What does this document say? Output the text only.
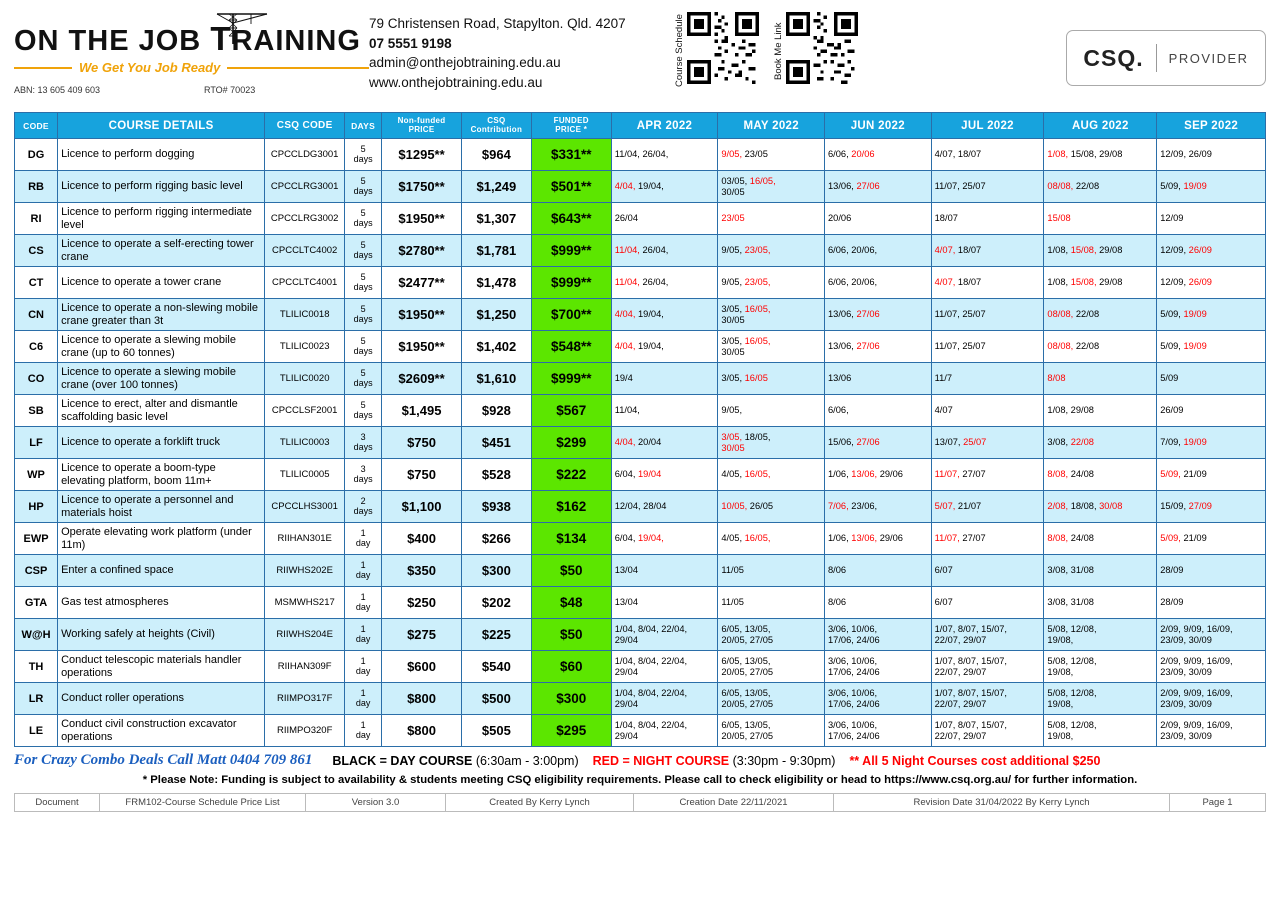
ON THE JOB TRAINING
We Get You Job Ready
ABN: 13 605 409 603	RTO# 70023
79 Christensen Road, Stapylton. Qld. 4207
07 5551 9198
admin@onthejobtraining.edu.au
www.onthejobtraining.edu.au	Course Schedule	Book Me Link	CSQ. PROVIDER
CODE	COURSE DETAILS	CSQ CODE	DAYS	Non-funded
PRICE	CSQ
Contribution	FUNDED
PRICE *	APR 2022	MAY 2022	JUN 2022	JUL 2022	AUG 2022	SEP 2022
DG	Licence to perform dogging	CPCCLDG3001	5
days	$1295**	$964	$331**	11/04, 26/04,	9/05, 23/05	6/06, 20/06	4/07, 18/07	1/08, 15/08, 29/08	12/09, 26/09
RB	Licence to perform rigging basic level	CPCCLRG3001	5
days	$1750**	$1,249	$501**	4/04, 19/04,	03/05, 16/05,
30/05	13/06, 27/06	11/07, 25/07	08/08, 22/08	5/09, 19/09
RI	Licence to perform rigging intermediate level	CPCCLRG3002	5
days	$1950**	$1,307	$643**	26/04	23/05	20/06	18/07	15/08	12/09
CS	Licence to operate a self-erecting tower crane	CPCCLTC4002	5
days	$2780**	$1,781	$999**	11/04, 26/04,	9/05, 23/05,	6/06, 20/06,	4/07, 18/07	1/08, 15/08, 29/08	12/09, 26/09
CT	Licence to operate a tower crane	CPCCLTC4001	5
days	$2477**	$1,478	$999**	11/04, 26/04,	9/05, 23/05,	6/06, 20/06,	4/07, 18/07	1/08, 15/08, 29/08	12/09, 26/09
CN	Licence to operate a non-slewing mobile crane greater than 3t	TLILIC0018	5
days	$1950**	$1,250	$700**	4/04, 19/04,	3/05, 16/05,
30/05	13/06, 27/06	11/07, 25/07	08/08, 22/08	5/09, 19/09
C6	Licence to operate a slewing mobile crane (up to 60 tonnes)	TLILIC0023	5
days	$1950**	$1,402	$548**	4/04, 19/04,	3/05, 16/05,
30/05	13/06, 27/06	11/07, 25/07	08/08, 22/08	5/09, 19/09
CO	Licence to operate a slewing mobile crane (over 100 tonnes)	TLILIC0020	5
days	$2609**	$1,610	$999**	19/4	3/05, 16/05	13/06	11/7	8/08	5/09
SB	Licence to erect, alter and dismantle scaffolding basic level	CPCCLSF2001	5
days	$1,495	$928	$567	11/04,	9/05,	6/06,	4/07	1/08, 29/08	26/09
LF	Licence to operate a forklift truck	TLILIC0003	3
days	$750	$451	$299	4/04, 20/04	3/05, 18/05,
30/05	15/06, 27/06	13/07, 25/07	3/08, 22/08	7/09, 19/09
WP	Licence to operate a boom-type elevating platform, boom 11m+	TLILIC0005	3
days	$750	$528	$222	6/04, 19/04	4/05, 16/05,	1/06, 13/06, 29/06	11/07, 27/07	8/08, 24/08	5/09, 21/09
HP	Licence to operate a personnel and materials hoist	CPCCLHS3001	2
days	$1,100	$938	$162	12/04, 28/04	10/05, 26/05	7/06, 23/06,	5/07, 21/07	2/08, 18/08, 30/08	15/09, 27/09
EWP	Operate elevating work platform (under 11m)	RIIHAN301E	1
day	$400	$266	$134	6/04, 19/04,	4/05, 16/05,	1/06, 13/06, 29/06	11/07, 27/07	8/08, 24/08	5/09, 21/09
CSP	Enter a confined space	RIIWHS202E	1
day	$350	$300	$50	13/04	11/05	8/06	6/07	3/08, 31/08	28/09
GTA	Gas test atmospheres	MSMWHS217	1
day	$250	$202	$48	13/04	11/05	8/06	6/07	3/08, 31/08	28/09
W@H	Working safely at heights (Civil)	RIIWHS204E	1
day	$275	$225	$50	1/04, 8/04, 22/04,
29/04	6/05, 13/05,
20/05, 27/05	3/06, 10/06,
17/06, 24/06	1/07, 8/07, 15/07,
22/07, 29/07	5/08, 12/08,
19/08,	2/09, 9/09, 16/09,
23/09, 30/09
TH	Conduct telescopic materials handler operations	RIIHAN309F	1
day	$600	$540	$60	1/04, 8/04, 22/04,
29/04	6/05, 13/05,
20/05, 27/05	3/06, 10/06,
17/06, 24/06	1/07, 8/07, 15/07,
22/07, 29/07	5/08, 12/08,
19/08,	2/09, 9/09, 16/09,
23/09, 30/09
LR	Conduct roller operations	RIIMPO317F	1
day	$800	$500	$300	1/04, 8/04, 22/04,
29/04	6/05, 13/05,
20/05, 27/05	3/06, 10/06,
17/06, 24/06	1/07, 8/07, 15/07,
22/07, 29/07	5/08, 12/08,
19/08,	2/09, 9/09, 16/09,
23/09, 30/09
LE	Conduct civil construction excavator operations	RIIMPO320F	1
day	$800	$505	$295	1/04, 8/04, 22/04,
29/04	6/05, 13/05,
20/05, 27/05	3/06, 10/06,
17/06, 24/06	1/07, 8/07, 15/07,
22/07, 29/07	5/08, 12/08,
19/08,	2/09, 9/09, 16/09,
23/09, 30/09
For Crazy Combo Deals Call Matt 0404 709 861 BLACK = DAY COURSE (6:30am - 3:00pm) RED = NIGHT COURSE (3:30pm - 9:30pm) ** All 5 Night Courses cost additional $250
* Please Note: Funding is subject to availability & students meeting CSQ eligibility requirements. Please call to check eligibility or head to https://www.csq.org.au/ for further information.
Document	FRM102-Course Schedule Price List	Version 3.0	Created By Kerry Lynch	Creation Date 22/11/2021	Revision Date 31/04/2022 By Kerry Lynch	Page 1
